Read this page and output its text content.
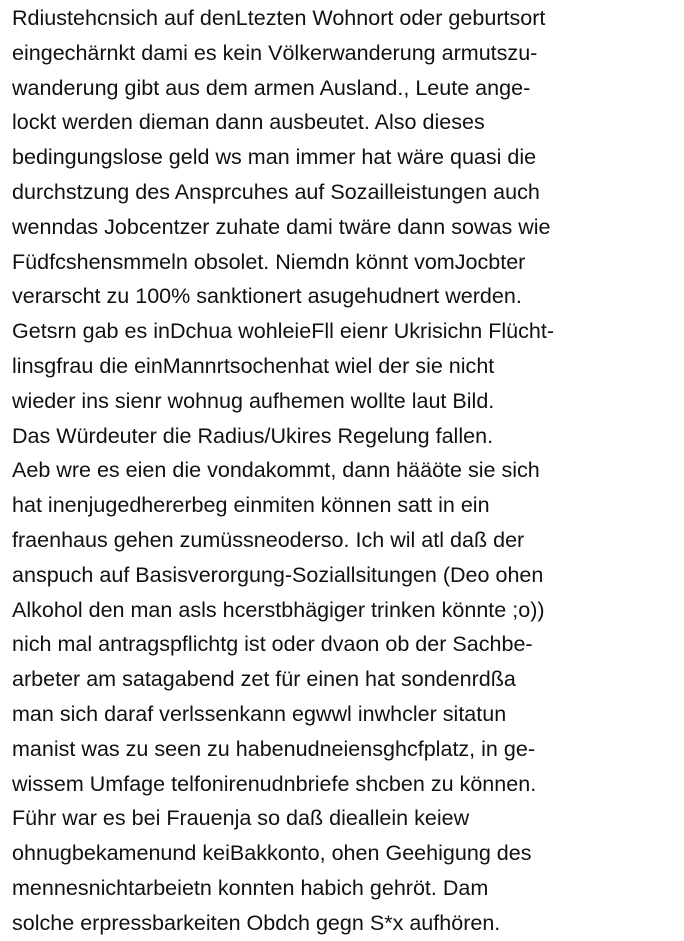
Rdiustehcnsich auf denLtezten Wohnort oder geburtsort
eingechärnkt dami es kein Völkerwanderung armutszu-
wanderung gibt aus dem armen Ausland., Leute ange-
lockt werden dieman dann ausbeutet. Also dieses
bedingungslose geld ws man immer hat wäre quasi die
durchstzung des Ansprcuhes auf Sozailleistungen auch
wenndas Jobcentzer zuhate dami twäre dann sowas wie
Füdfcshensmmeln obsolet. Niemdn könnt vomJocbter
verarscht zu 100% sanktionert asugehudnert werden.
Getsrn gab es inDchua wohleieFll eienr Ukrisichn Flücht-
linsgfrau die einMannrtsochenhat wiel der sie nicht
wieder ins sienr wohnug aufhemen wollte laut Bild.
Das Würdeuter die Radius/Ukires Regelung fallen.
Aeb wre es eien die vondakommt, dann hääöte sie sich
hat inenjugedhererbeg einmiten können satt in ein
fraenhaus gehen zumüssneoderso. Ich wil atl daß der
anspuch auf Basisverorgung-Soziallsitungen (Deo ohen
Alkohol den man asls hcerstbhägiger trinken könnte ;o))
nich mal antragspflichtg ist oder dvaon ob der Sachbe-
arbeter am satagabend zet für einen hat sondenrdßa
man sich daraf verlssenkann egwwl inwhcler sitatun
manist was zu seen zu habenudneiensghcfplatz, in ge-
wissem Umfage telfonirenudnbriefe shcben zu können.
Führ war es bei Frauenja so daß dieallein keiew
ohnugbekamenund keiBakkonto, ohen Geehigung des
mennesnichtarbeietn konnten habich gehröt. Dam
solche erpressbarkeiten Obdch gegn S*x aufhören.
